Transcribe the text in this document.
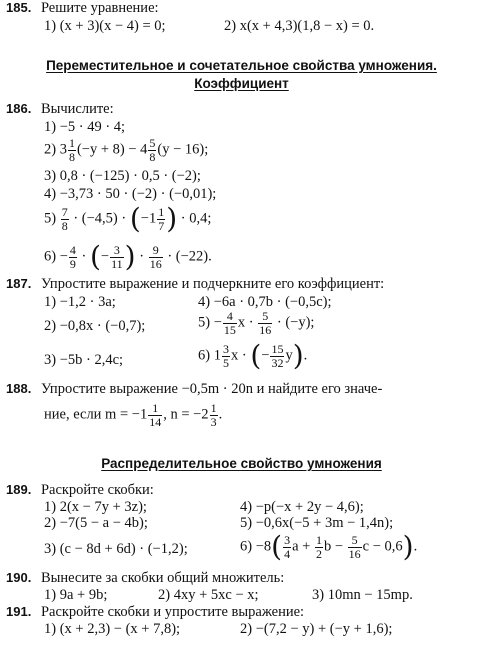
185. Решите уравнение:
1) (x + 3)(x − 4) = 0;	2) x(x + 4,3)(1,8 − x) = 0.
Переместительное и сочетательное свойства умножения.
Коэффициент
186. Вычислите:
1) −5 · 49 · 4;
2) $3 \frac{1}{8} (-y + 8) - 4 \frac{5}{8} (y - 16)$;
3) 0,8 · (−125) · 0,5 · (−2);
4) −3,73 · 50 · (−2) · (−0,01);
$5) \frac{7}{8} \cdot (-4,5) \cdot (-1 \frac{1}{7}$ ) · 0,4;
$6) - \frac{4}{9}$ · (− $\frac{3}{11}$ ) · $\frac{9}{16} \cdot (-22)$.
187. Упростите выражение и подчеркните его коэффициент:
1) −1,2 · 3a;	4) −6a · 0,7b · (−0,5c);
2) −0,8x · (−0,7);	$5) - \frac{4}{15}$ $x \cdot \frac{5}{16} \cdot (-y)$;
3) −5b · 2,4c;	6) $1 \frac{3}{5}$ x · (− $\frac{15}{32} y$).
188. Упростите выражение −0,5m · 20n и найдите его значе-
ние, если $m = -1 \frac{1}{14}$ , $n = -2 \frac{1}{3}$ .
Распределительное свойство умножения
189. Раскройте скобки:
1) 2(x − 7y + 3z);	4) −p(−x + 2y − 4,6);
2) −7(5 − a − 4b);	5) −0,6x(−5 + 3m − 1,4n);
3) (c − 8d + 6d) · (−1,2);	$6) -8( \frac{3}{4}$ $a + \frac{1}{2}$ $b - \frac{5}{16}$ c − 0,6).
190. Вынесите за скобки общий множитель:
1) 9a + 9b;	2) 4xy + 5xc − x;	3) 10mn − 15mp.
191. Раскройте скобки и упростите выражение:
1) (x + 2,3) − (x + 7,8);	2) −(7,2 − y) + (−y + 1,6);
